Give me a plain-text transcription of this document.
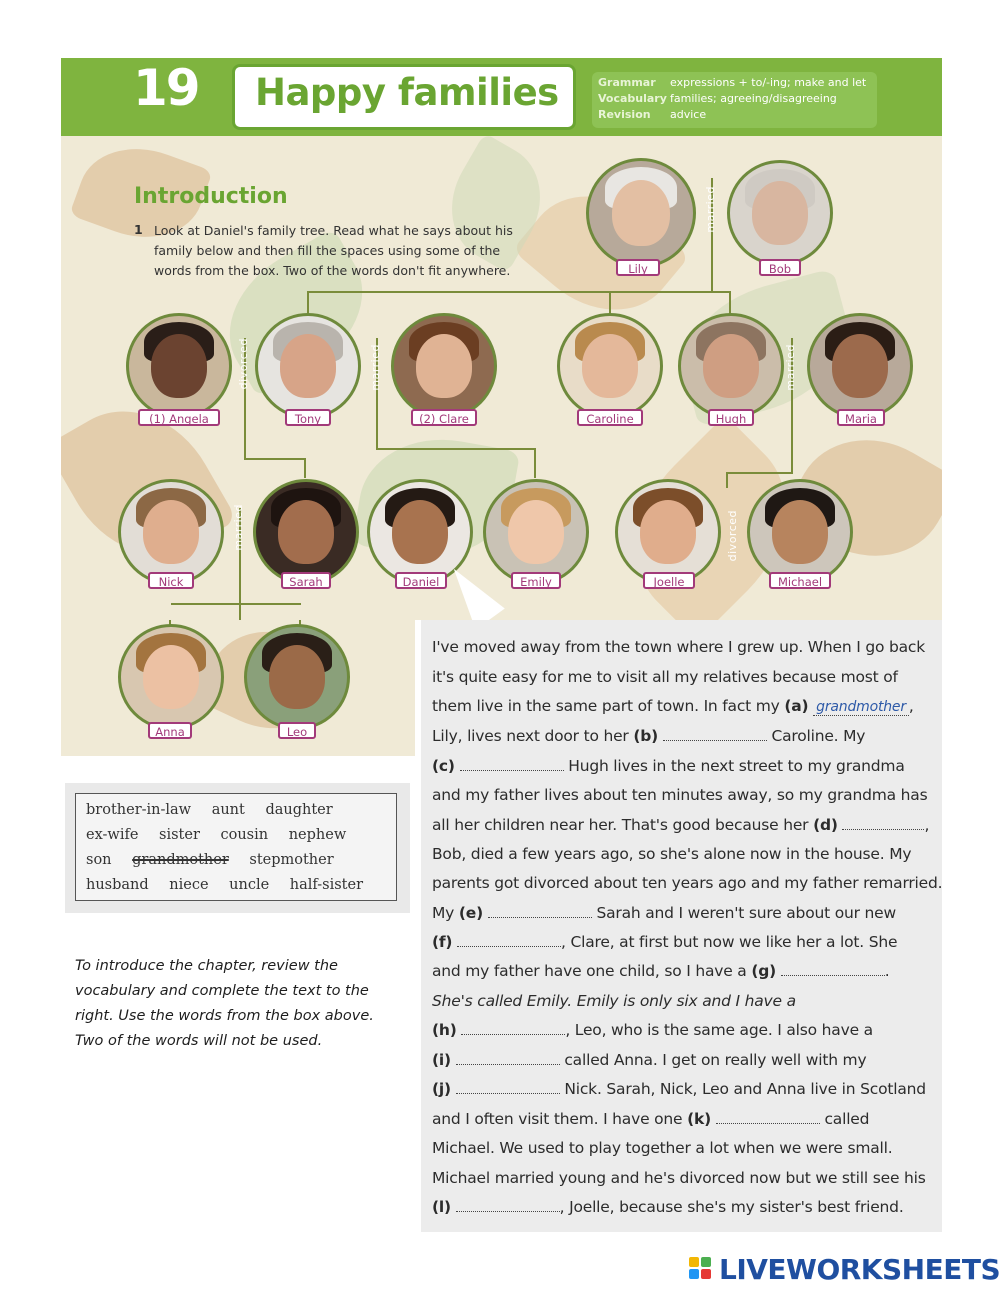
19 Happy families	Grammar expressions + to/-ing; make and let
Vocabulary families; agreeing/disagreeing
Revision advice
Introduction
1 Look at Daniel's family tree. Read what he says about his family below and then fill the spaces using some of the words from the box. Two of the words don't fit anywhere.
married
divorced	married	married
married	divorced
Lily	Bob
(1) Angela	Tony	(2) Clare	Caroline	Hugh	Maria
Nick	Sarah	Daniel	Emily	Joelle	Michael
Anna	Leo
brother-in-law aunt daughter
ex-wife sister cousin nephew
son grandmother stepmother
husband niece uncle half-sister
To introduce the chapter, review the vocabulary and complete the text to the right. Use the words from the box above. Two of the words will not be used.
I've moved away from the town where I grew up. When I go back
it's quite easy for me to visit all my relatives because most of
them live in the same part of town. In fact my (a) grandmother ,
Lily, lives next door to her (b)	Caroline. My
(c)	Hugh lives in the next street to my grandma
and my father lives about ten minutes away, so my grandma has
all her children near her. That's good because her (d)	,
Bob, died a few years ago, so she's alone now in the house. My
parents got divorced about ten years ago and my father remarried.
My (e)	Sarah and I weren't sure about our new
(f)	, Clare, at first but now we like her a lot. She
and my father have one child, so I have a (g)	.
She's called Emily. Emily is only six and I have a
(h)	, Leo, who is the same age. I also have a
(i)	called Anna. I get on really well with my
(j)	Nick. Sarah, Nick, Leo and Anna live in Scotland
and I often visit them. I have one (k)	called
Michael. We used to play together a lot when we were small.
Michael married young and he's divorced now but we still see his
(l)	, Joelle, because she's my sister's best friend.
LIVEWORKSHEETS
